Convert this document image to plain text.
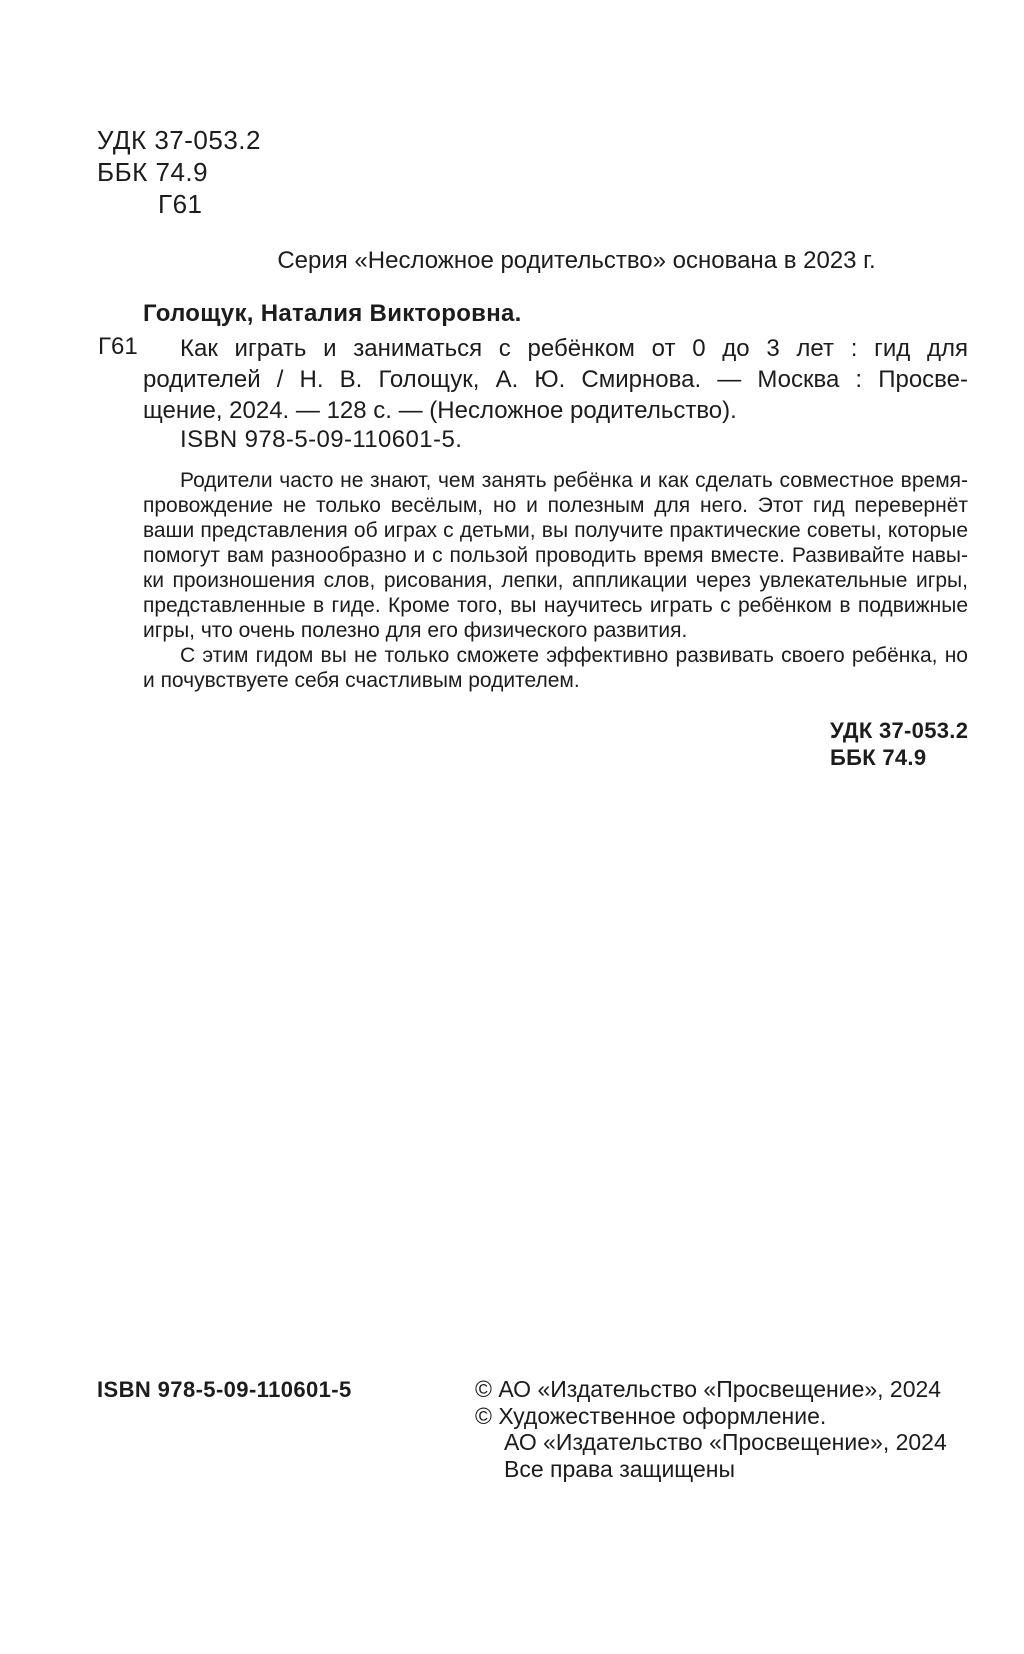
УДК 37-053.2
ББК 74.9
Г61
Серия «Несложное родительство» основана в 2023 г.
Голощук, Наталия Викторовна.
Г61	Как играть и заниматься с ребёнком от 0 до 3 лет : гид для
родителей / Н. В. Голощук, А. Ю. Смирнова. — Москва : Просве-
щение, 2024. — 128 с. — (Несложное родительство).
ISBN 978-5-09-110601-5.
Родители часто не знают, чем занять ребёнка и как сделать совместное время-
провождение не только весёлым, но и полезным для него. Этот гид перевернёт
ваши представления об играх с детьми, вы получите практические советы, которые
помогут вам разнообразно и с пользой проводить время вместе. Развивайте навы-
ки произношения слов, рисования, лепки, аппликации через увлекательные игры,
представленные в гиде. Кроме того, вы научитесь играть с ребёнком в подвижные
игры, что очень полезно для его физического развития.
С этим гидом вы не только сможете эффективно развивать своего ребёнка, но
и почувствуете себя счастливым родителем.
УДК 37-053.2
ББК 74.9
ISBN 978-5-09-110601-5	© АО «Издательство «Просвещение», 2024
© Художественное оформление.
АО «Издательство «Просвещение», 2024
Все права защищены
